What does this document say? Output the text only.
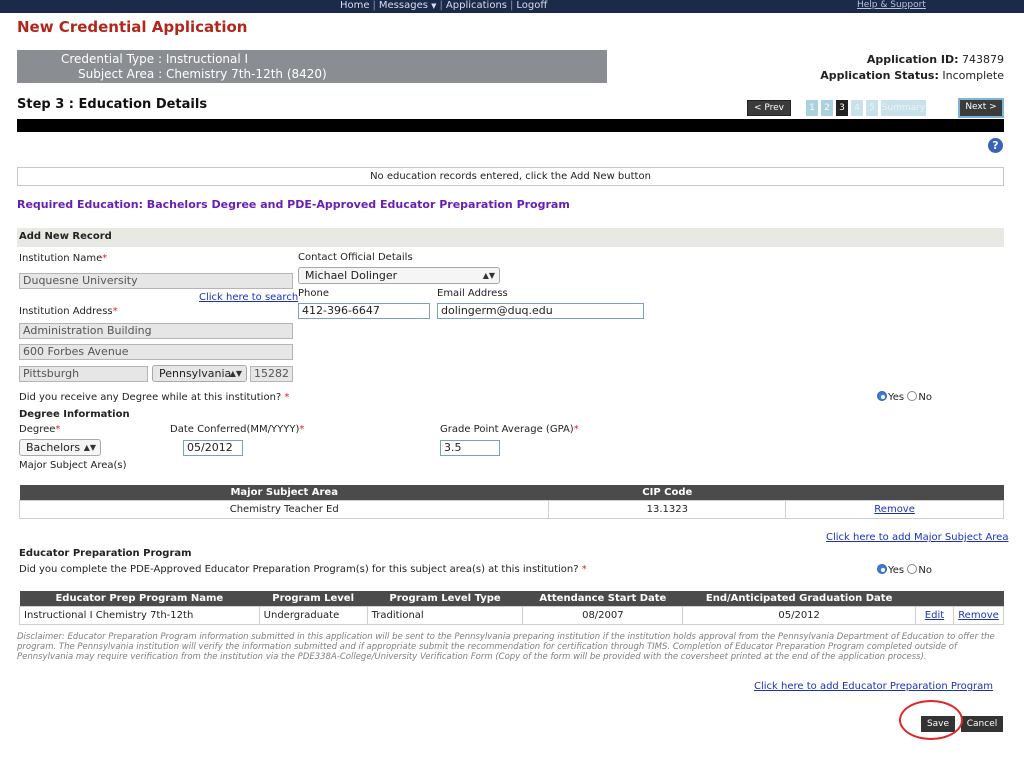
Home | Messages ▼ | Applications | Logoff	Help & Support
New Credential Application
Credential Type : Instructional I
Subject Area : Chemistry 7th-12th (8420)
Application ID: 743879
Application Status: Incomplete
Step 3 : Education Details	< Prev	1 2 3 4 5 Summary	Next >
?
No education records entered, click the Add New button
Required Education: Bachelors Degree and PDE-Approved Educator Preparation Program
Add New Record
Institution Name*
Duquesne University
Click here to search
Institution Address*
Administration Building
600 Forbes Avenue
Pittsburgh	Pennsylvania
▲▼	15282
Contact Official Details
Michael Dolinger	▲▼
Phone
412-396-6647
Email Address
dolingerm@duq.edu
Did you receive any Degree while at this institution? *	Yes No
Degree Information
Degree*
Bachelors ▲▼
Date Conferred(MM/YYYY)*
05/2012
Grade Point Average (GPA)*
3.5
Major Subject Area(s)
Major Subject Area	CIP Code	
Chemistry Teacher Ed	13.1323	Remove
Click here to add Major Subject Area
Educator Preparation Program
Did you complete the PDE-Approved Educator Preparation Program(s) for this subject area(s) at this institution? *	Yes No
Educator Prep Program Name	Program Level	Program Level Type	Attendance Start Date	End/Anticipated Graduation Date		
Instructional I Chemistry 7th-12th	Undergraduate	Traditional	08/2007	05/2012	Edit	Remove
Disclaimer: Educator Preparation Program information submitted in this application will be sent to the Pennsylvania preparing institution if the institution holds approval from the Pennsylvania Department of Education to offer the program. The Pennsylvania institution will verify the information submitted and if appropriate submit the recommendation for certification through TIMS. Completion of Educator Preparation Program completed outside of Pennsylvania may require verification from the institution via the PDE338A-College/University Verification Form (Copy of the form will be provided with the coversheet printed at the end of the application process).
Click here to add Educator Preparation Program
Save	Cancel
